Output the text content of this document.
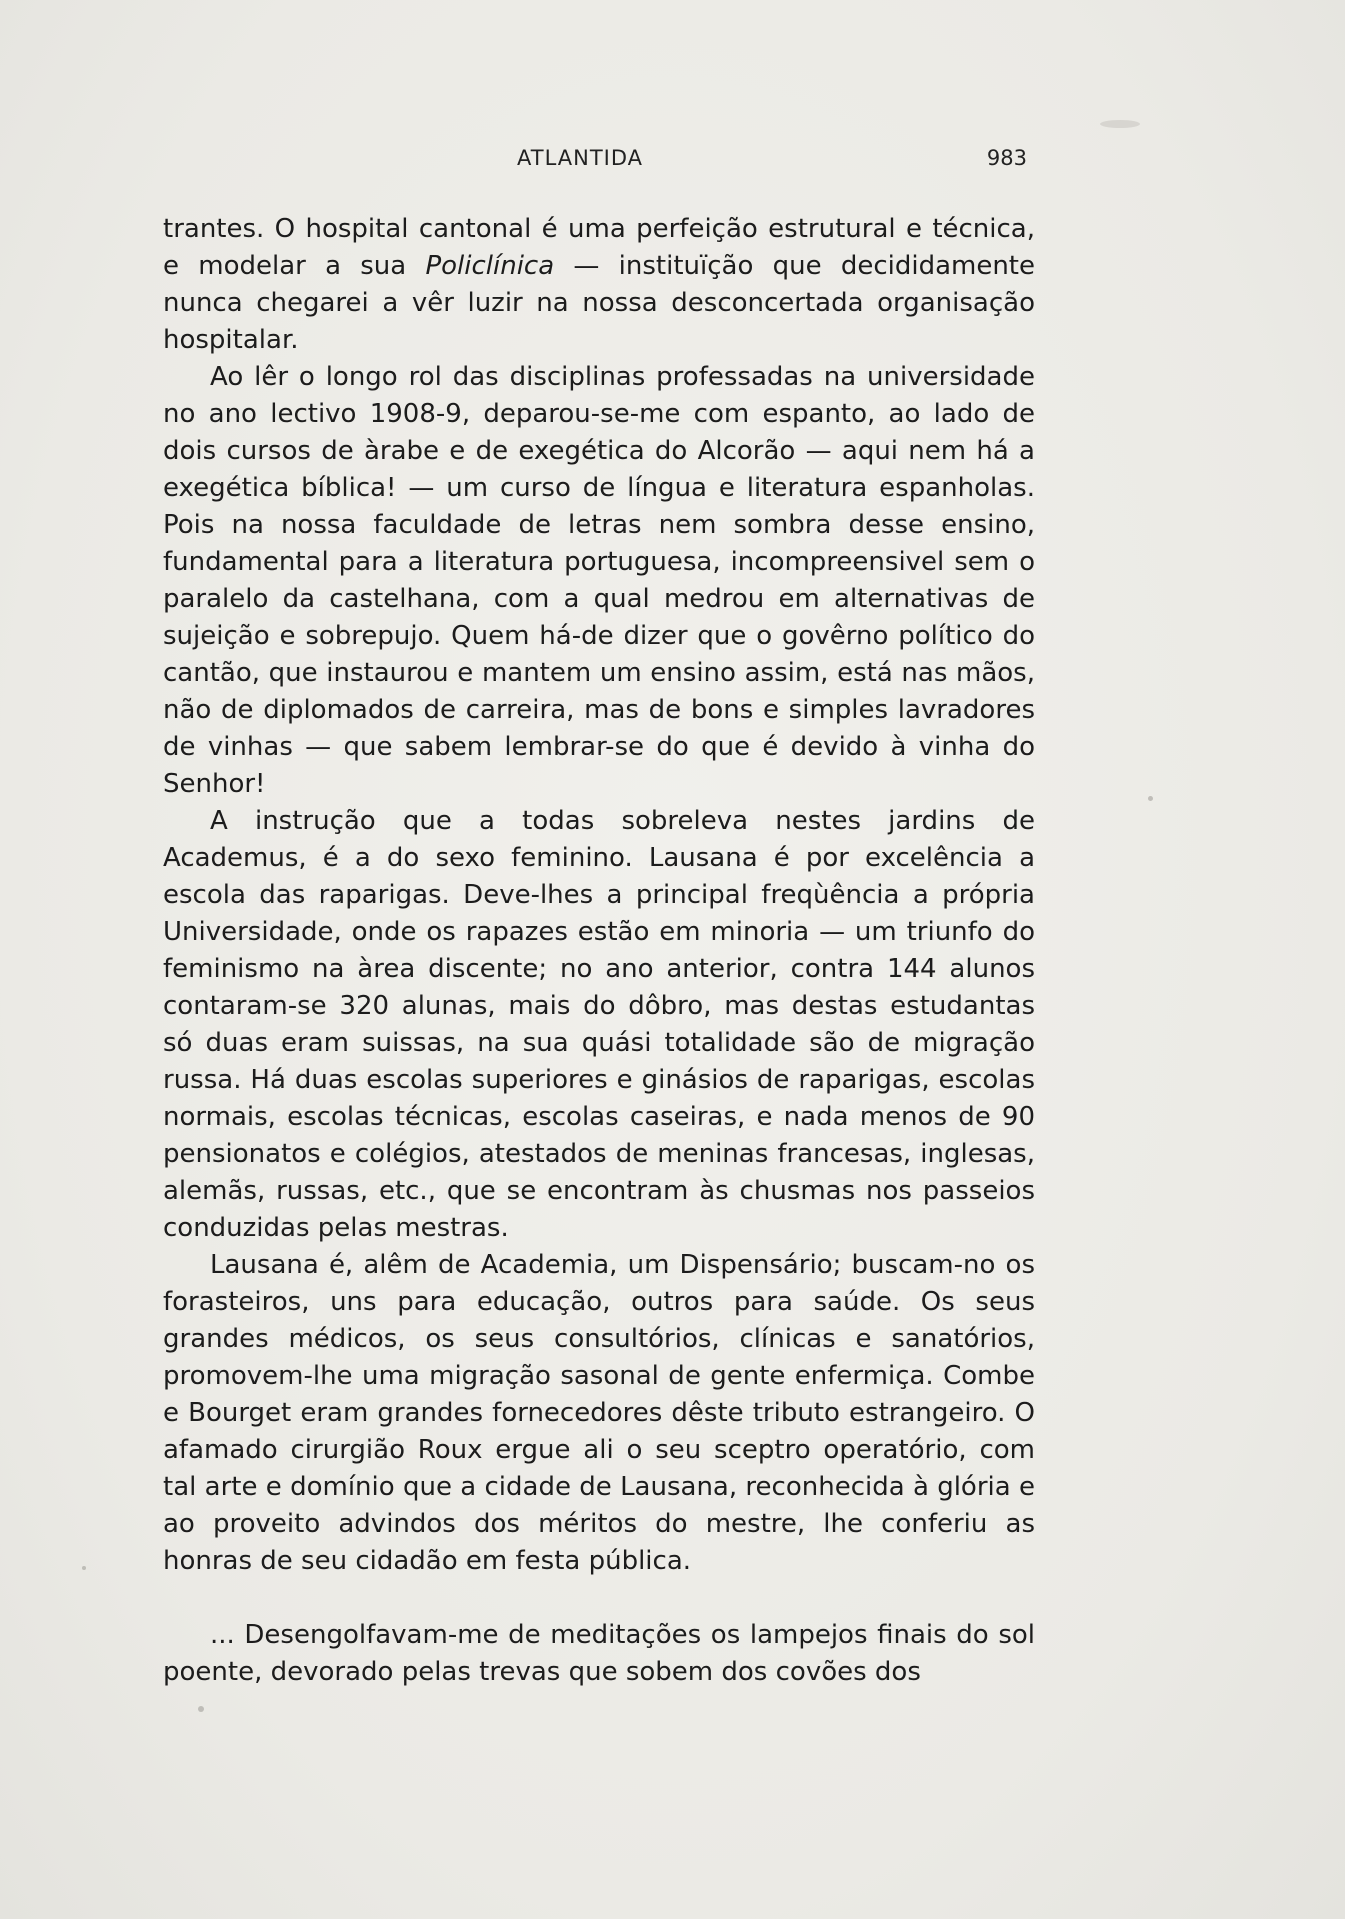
ATLANTIDA	983

trantes. O hospital cantonal é uma perfeição estrutural e técnica, e modelar a sua Policlínica — instituïção que decididamente nunca chegarei a vêr luzir na nossa desconcertada organisação hospitalar.

Ao lêr o longo rol das disciplinas professadas na universidade no ano lectivo 1908-9, deparou-se-me com espanto, ao lado de dois cursos de àrabe e de exegética do Alcorão — aqui nem há a exegética bíblica! — um curso de língua e literatura espanholas. Pois na nossa faculdade de letras nem sombra desse ensino, fundamental para a literatura portuguesa, incompreensivel sem o paralelo da castelhana, com a qual medrou em alternativas de sujeição e sobrepujo. Quem há-de dizer que o govêrno político do cantão, que instaurou e mantem um ensino assim, está nas mãos, não de diplomados de carreira, mas de bons e simples lavradores de vinhas — que sabem lembrar-se do que é devido à vinha do Senhor!

A instrução que a todas sobreleva nestes jardins de Academus, é a do sexo feminino. Lausana é por excelência a escola das raparigas. Deve-lhes a principal freqùência a própria Universidade, onde os rapazes estão em minoria — um triunfo do feminismo na àrea discente; no ano anterior, contra 144 alunos contaram-se 320 alunas, mais do dôbro, mas destas estudantas só duas eram suissas, na sua quási totalidade são de migração russa. Há duas escolas superiores e ginásios de raparigas, escolas normais, escolas técnicas, escolas caseiras, e nada menos de 90 pensionatos e colégios, atestados de meninas francesas, inglesas, alemãs, russas, etc., que se encontram às chusmas nos passeios conduzidas pelas mestras.

Lausana é, alêm de Academia, um Dispensário; buscam-no os forasteiros, uns para educação, outros para saúde. Os seus grandes médicos, os seus consultórios, clínicas e sanatórios, promovem-lhe uma migração sasonal de gente enfermiça. Combe e Bourget eram grandes fornecedores dêste tributo estrangeiro. O afamado cirurgião Roux ergue ali o seu sceptro operatório, com tal arte e domínio que a cidade de Lausana, reconhecida à glória e ao proveito advindos dos méritos do mestre, lhe conferiu as honras de seu cidadão em festa pública.

... Desengolfavam-me de meditações os lampejos finais do sol poente, devorado pelas trevas que sobem dos covões dos
